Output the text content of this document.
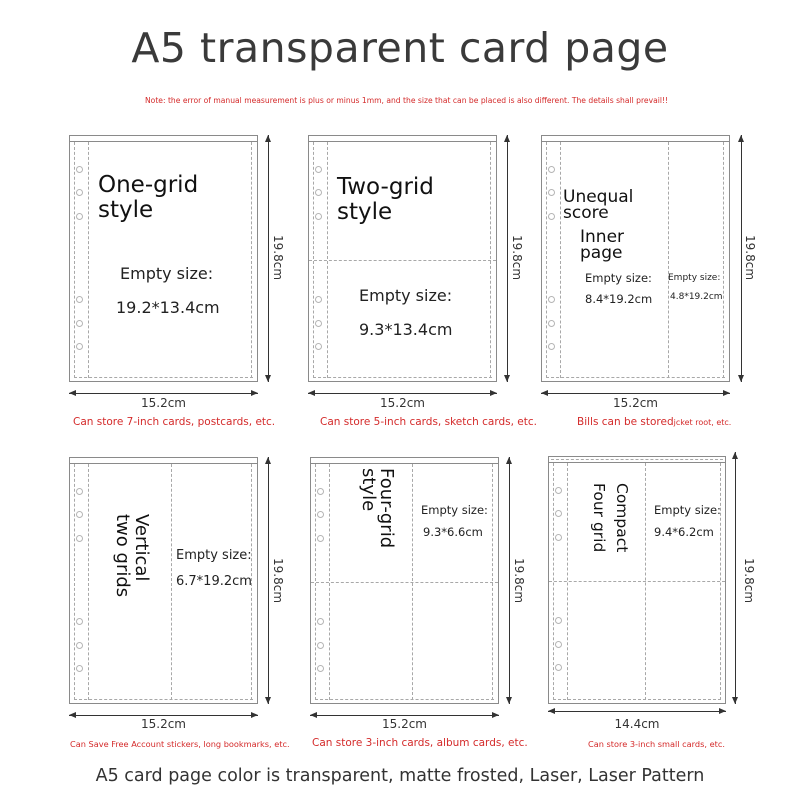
A5 transparent card page
Note: the error of manual measurement is plus or minus 1mm, and the size that can be placed is also different. The details shall prevail!!
One-grid
style
Empty size:
19.2*13.4cm
19.8cm
15.2cm
Can store 7-inch cards, postcards, etc.
Two-grid
style
Empty size:
9.3*13.4cm
19.8cm
15.2cm
Can store 5-inch cards, sketch cards, etc.
Unequal
score
Inner
page
Empty size:
8.4*19.2cm
Empty size:
4.8*19.2cm
19.8cm
15.2cm
Bills can be storedjcket root, etc.
Vertical
two grids	Empty size:
6.7*19.2cm 19.8cm
15.2cm
Can Save Free Account stickers, long bookmarks, etc.
Four-grid
style	Empty size:
9.3*6.6cm
19.8cm
15.2cm
Can store 3-inch cards, album cards, etc.
Compact
Four grid	Empty size:
9.4*6.2cm
19.8cm
14.4cm
Can store 3-inch small cards, etc.
A5 card page color is transparent, matte frosted, Laser, Laser Pattern
